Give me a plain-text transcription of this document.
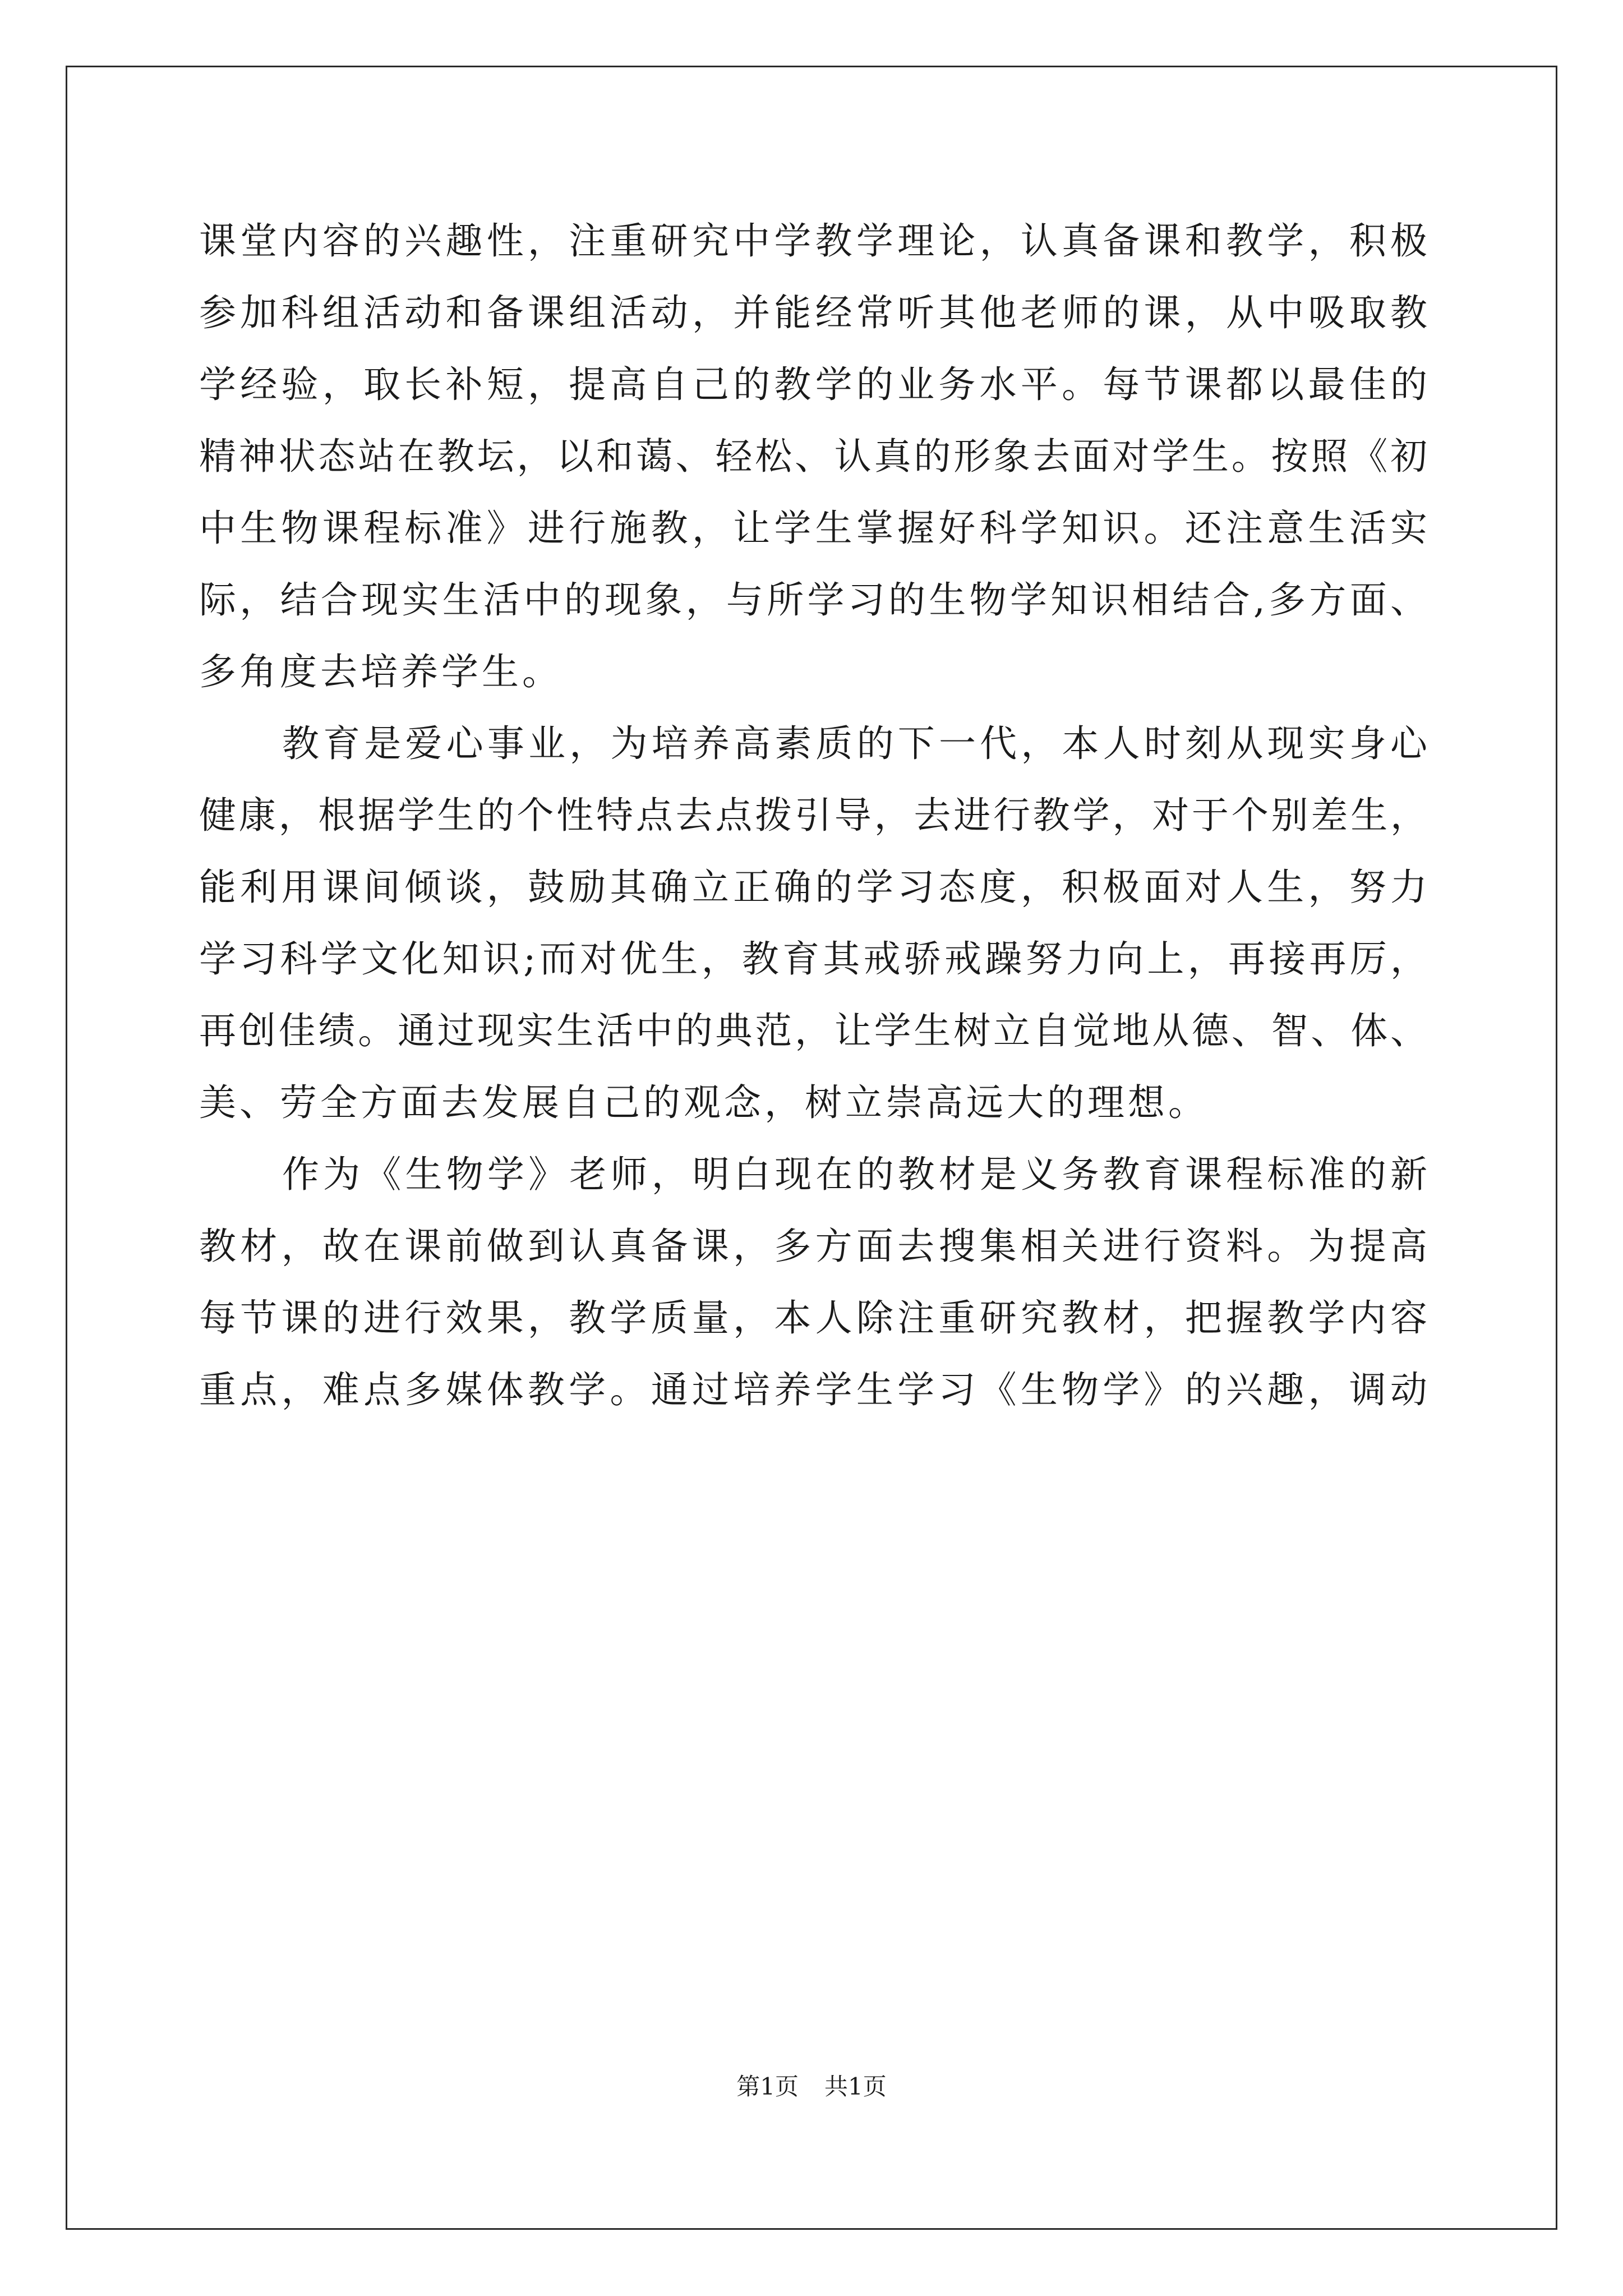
课堂内容的兴趣性，注重研究中学教学理论，认真备课和教学，积极
参加科组活动和备课组活动，并能经常听其他老师的课，从中吸取教
学经验，取长补短，提高自己的教学的业务水平。每节课都以最佳的
精神状态站在教坛，以和蔼、轻松、认真的形象去面对学生。按照《初
中生物课程标准》进行施教，让学生掌握好科学知识。还注意生活实
际，结合现实生活中的现象，与所学习的生物学知识相结合,多方面、
多角度去培养学生。
教育是爱心事业，为培养高素质的下一代，本人时刻从现实身心
健康，根据学生的个性特点去点拨引导，去进行教学，对于个别差生，
能利用课间倾谈，鼓励其确立正确的学习态度，积极面对人生，努力
学习科学文化知识;而对优生，教育其戒骄戒躁努力向上，再接再厉，
再创佳绩。通过现实生活中的典范，让学生树立自觉地从德、智、体、
美、劳全方面去发展自己的观念，树立崇高远大的理想。
作为《生物学》老师，明白现在的教材是义务教育课程标准的新
教材，故在课前做到认真备课，多方面去搜集相关进行资料。为提高
每节课的进行效果，教学质量，本人除注重研究教材，把握教学内容
重点，难点多媒体教学。通过培养学生学习《生物学》的兴趣，调动
第1页 共1页
